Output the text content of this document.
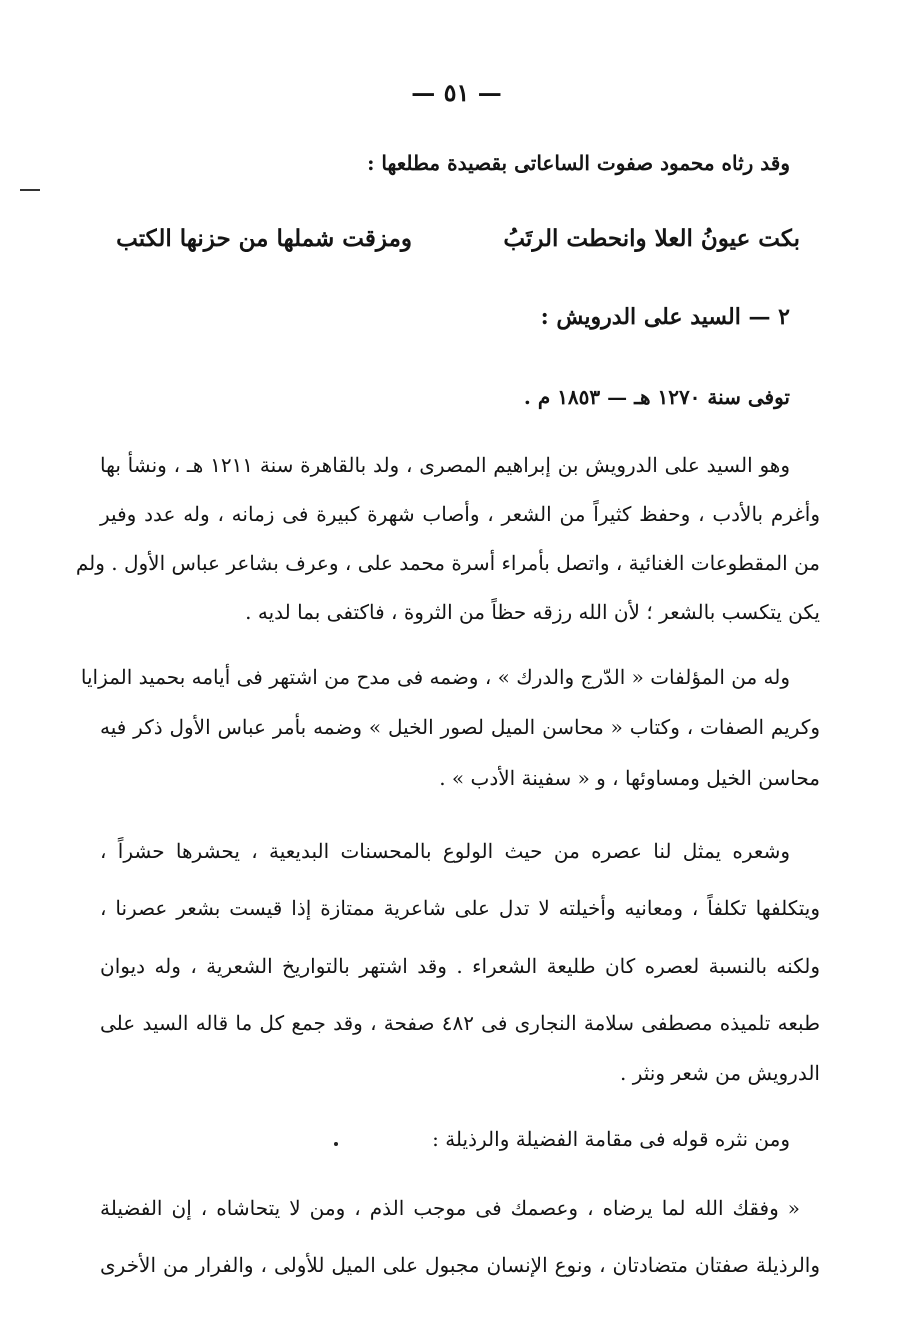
— ٥١ —
وقد رثاه محمود صفوت الساعاتى بقصيدة مطلعها :
بكت عيونُ العلا وانحطت الرتَبُ
ومزقت شملها من حزنها الكتب
٢ — السيد على الدرويش :
توفى سنة ١٢٧٠ هـ — ١٨٥٣ م .
وهو السيد على الدرويش بن إبراهيم المصرى ، ولد بالقاهرة سنة ١٢١١ هـ ، ونشأ بها
وأغرم بالأدب ، وحفظ كثيراً من الشعر ، وأصاب شهرة كبيرة فى زمانه ، وله عدد وفير
من المقطوعات الغنائية ، واتصل بأمراء أسرة محمد على ، وعرف بشاعر عباس الأول . ولم
يكن يتكسب بالشعر ؛ لأن الله رزقه حظاً من الثروة ، فاكتفى بما لديه .
وله من المؤلفات « الدّرج والدرك » ، وضمه فى مدح من اشتهر فى أيامه بحميد المزايا
وكريم الصفات ، وكتاب « محاسن الميل لصور الخيل » وضمه بأمر عباس الأول ذكر فيه
محاسن الخيل ومساوئها ، و « سفينة الأدب » .
وشعره يمثل لنا عصره من حيث الولوع بالمحسنات البديعية ، يحشرها حشراً ،
ويتكلفها تكلفاً ، ومعانيه وأخيلته لا تدل على شاعرية ممتازة إذا قيست بشعر عصرنا ،
ولكنه بالنسبة لعصره كان طليعة الشعراء . وقد اشتهر بالتواريخ الشعرية ، وله ديوان
طبعه تلميذه مصطفى سلامة النجارى فى ٤٨٢ صفحة ، وقد جمع كل ما قاله السيد على
الدرويش من شعر ونثر .
ومن نثره قوله فى مقامة الفضيلة والرذيلة :
« وفقك الله لما يرضاه ، وعصمك فى موجب الذم ، ومن لا يتحاشاه ، إن الفضيلة
والرذيلة صفتان متضادتان ، ونوع الإنسان مجبول على الميل للأولى ، والفرار من الأخرى
